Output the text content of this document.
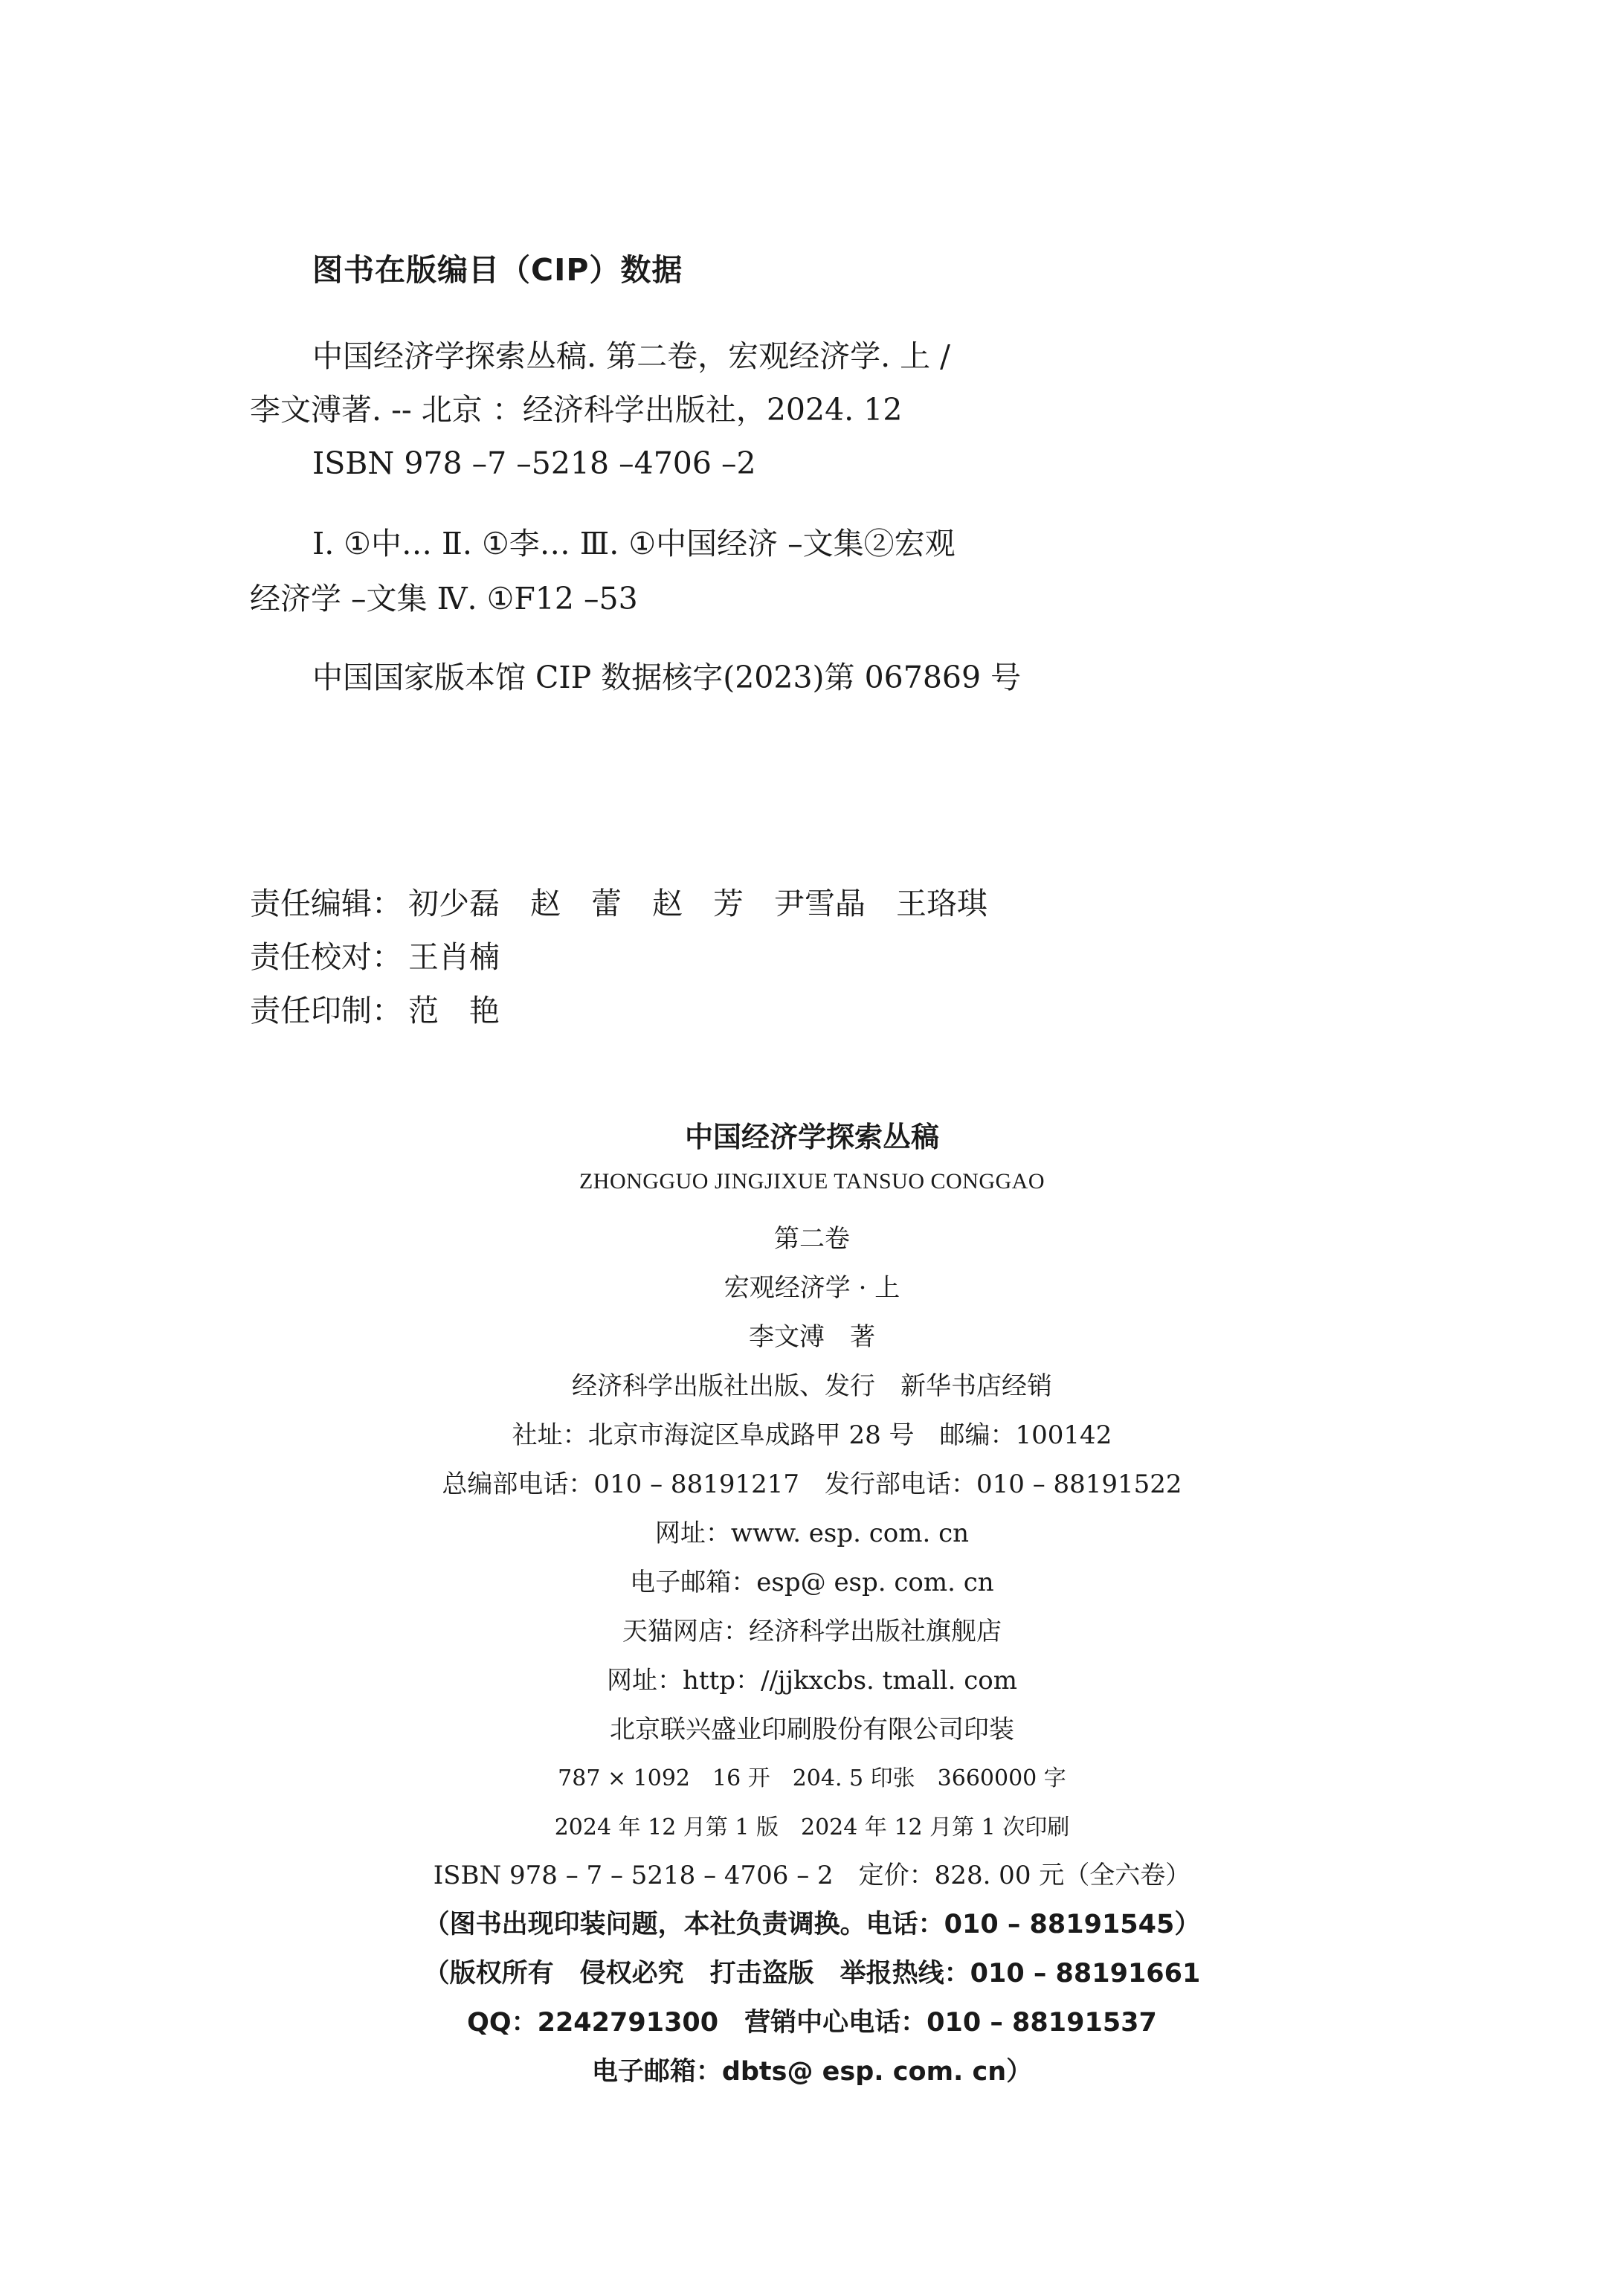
图书在版编目（CIP）数据
中国经济学探索丛稿. 第二卷，宏观经济学. 上 /
李文溥著. -- 北京 ：经济科学出版社，2024. 12
ISBN 978 –7 –5218 –4706 –2
Ⅰ. ①中… Ⅱ. ①李… Ⅲ. ①中国经济 –文集②宏观
经济学 –文集 Ⅳ. ①F12 –53
中国国家版本馆 CIP 数据核字(2023)第 067869 号
责任编辑： 初少磊　赵　蕾　赵　芳　尹雪晶　王珞琪
责任校对： 王肖楠
责任印制： 范　艳
中国经济学探索丛稿
ZHONGGUO JINGJIXUE TANSUO CONGGAO
第二卷
宏观经济学 · 上
李文溥　著
经济科学出版社出版、发行　新华书店经销
社址：北京市海淀区阜成路甲 28 号　邮编：100142
总编部电话：010 – 88191217　发行部电话：010 – 88191522
网址：www. esp. com. cn
电子邮箱：esp@ esp. com. cn
天猫网店：经济科学出版社旗舰店
网址：http：//jjkxcbs. tmall. com
北京联兴盛业印刷股份有限公司印装
787 × 1092　16 开　204. 5 印张　3660000 字
2024 年 12 月第 1 版　2024 年 12 月第 1 次印刷
ISBN 978 – 7 – 5218 – 4706 – 2　定价：828. 00 元（全六卷）
（图书出现印装问题，本社负责调换。电话：010 – 88191545）
（版权所有　侵权必究　打击盗版　举报热线：010 – 88191661
QQ：2242791300　营销中心电话：010 – 88191537
电子邮箱：dbts@ esp. com. cn）
